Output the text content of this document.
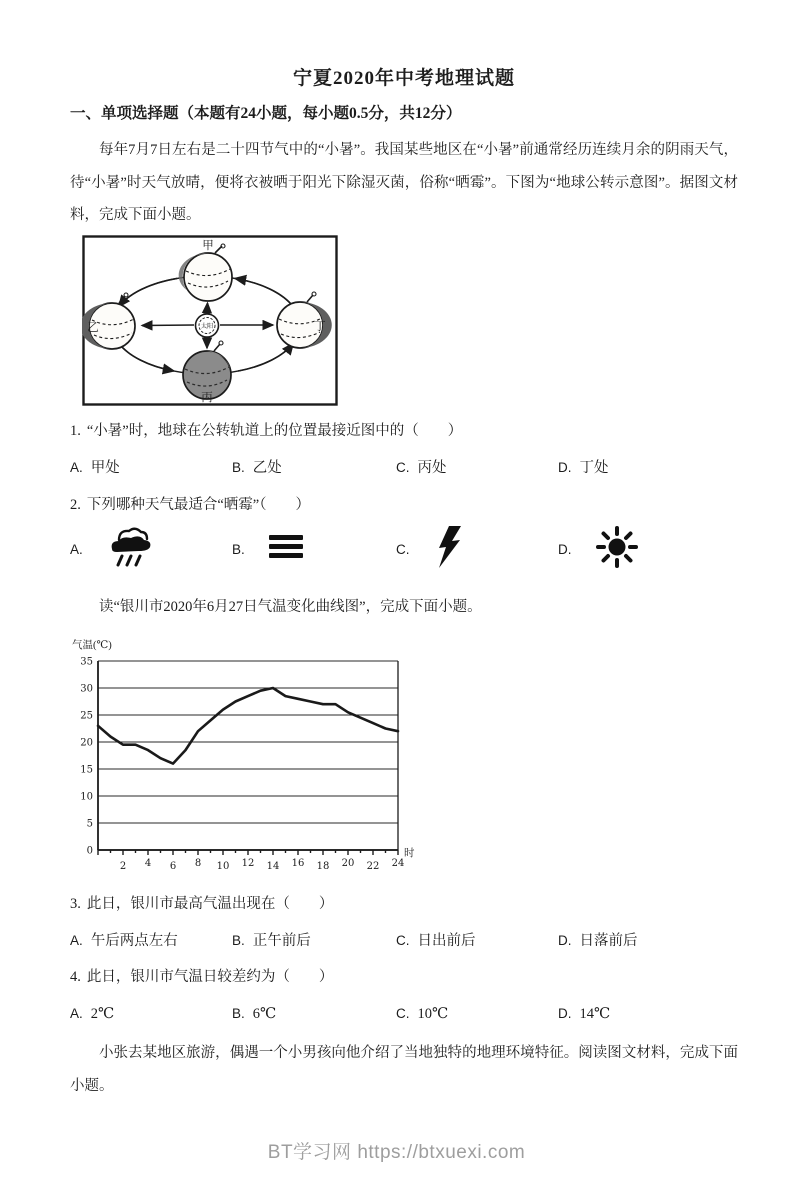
宁夏2020年中考地理试题
一、单项选择题（本题有24小题，每小题0.5分，共12分）

每年7月7日左右是二十四节气中的“小暑”。我国某些地区在“小暑”前通常经历连续月余的阴雨天气，待“小暑”时天气放晴，便将衣被晒于阳光下除湿灭菌，俗称“晒霉”。下图为“地球公转示意图”。据图文材料，完成下面小题。

太阳
甲
乙
丙
丁

1. “小暑”时，地球在公转轨道上的位置最接近图中的（　　）

A. 甲处	B. 乙处	C. 丙处	D. 丁处

2. 下列哪种天气最适合“晒霉”（　　）

A.	B.	C.	D.

读“银川市2020年6月27日气温变化曲线图”，完成下面小题。

0
5
10
15
20
25
30
35
2 4 6 8 10 12 14 16 18 20 22 24
气温(℃)
时

3. 此日，银川市最高气温出现在（　　）

A. 午后两点左右	B. 正午前后	C. 日出前后	D. 日落前后

4. 此日，银川市气温日较差约为（　　）

A. 2℃	B. 6℃	C. 10℃	D. 14℃

小张去某地区旅游，偶遇一个小男孩向他介绍了当地独特的地理环境特征。阅读图文材料，完成下面小题。

BT学习网 https://btxuexi.com
